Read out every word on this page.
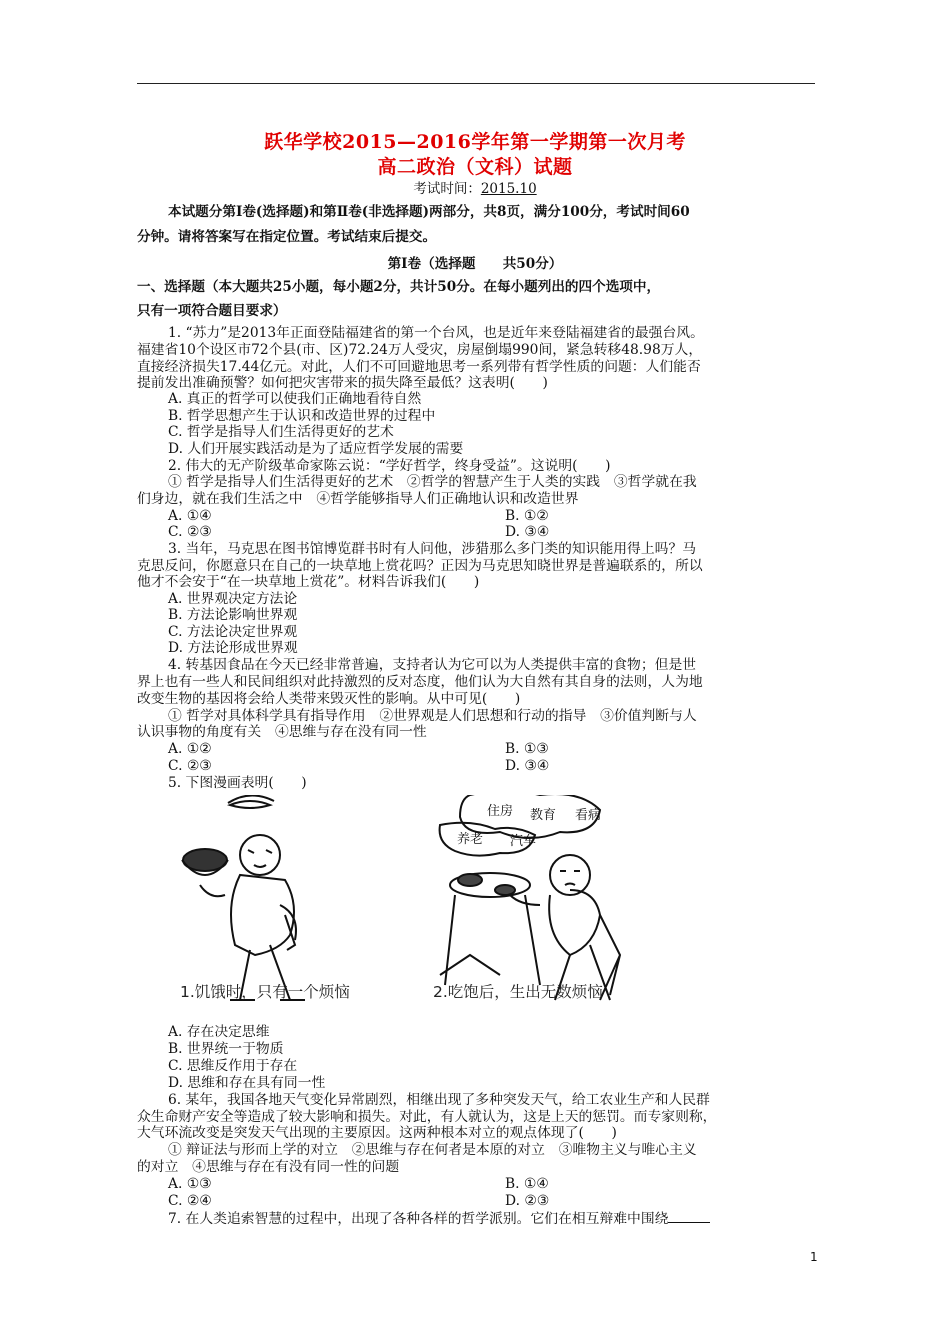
跃华学校2015—2016学年第一学期第一次月考
高二政治（文科）试题
考试时间：2015.10
本试题分第Ⅰ卷(选择题)和第Ⅱ卷(非选择题)两部分，共8页，满分100分，考试时间60
分钟。请将答案写在指定位置。考试结束后提交。
第Ⅰ卷（选择题　　共50分）
一、选择题（本大题共25小题，每小题2分，共计50分。在每小题列出的四个选项中，
只有一项符合题目要求）
1. “苏力”是2013年正面登陆福建省的第一个台风，也是近年来登陆福建省的最强台风。
福建省10个设区市72个县(市、区)72.24万人受灾，房屋倒塌990间，紧急转移48.98万人，
直接经济损失17.44亿元。对此，人们不可回避地思考一系列带有哲学性质的问题：人们能否
提前发出准确预警？如何把灾害带来的损失降至最低？这表明(　　)
A. 真正的哲学可以使我们正确地看待自然
B. 哲学思想产生于认识和改造世界的过程中
C. 哲学是指导人们生活得更好的艺术
D. 人们开展实践活动是为了适应哲学发展的需要
2. 伟大的无产阶级革命家陈云说：“学好哲学，终身受益”。这说明(　　)
① 哲学是指导人们生活得更好的艺术　②哲学的智慧产生于人类的实践　③哲学就在我
们身边，就在我们生活之中　④哲学能够指导人们正确地认识和改造世界
A. ①④	B. ①②
C. ②③	D. ③④
3. 当年，马克思在图书馆博览群书时有人问他，涉猎那么多门类的知识能用得上吗？马
克思反问，你愿意只在自己的一块草地上赏花吗？正因为马克思知晓世界是普遍联系的，所以
他才不会安于“在一块草地上赏花”。材料告诉我们(　　)
A. 世界观决定方法论
B. 方法论影响世界观
C. 方法论决定世界观
D. 方法论形成世界观
4. 转基因食品在今天已经非常普遍，支持者认为它可以为人类提供丰富的食物；但是世
界上也有一些人和民间组织对此持激烈的反对态度，他们认为大自然有其自身的法则，人为地
改变生物的基因将会给人类带来毁灭性的影响。从中可见(　　)
① 哲学对具体科学具有指导作用　②世界观是人们思想和行动的指导　③价值判断与人
认识事物的角度有关　④思维与存在没有同一性
A. ①②	B. ①③
C. ②③	D. ③④
5. 下图漫画表明(　　)
住房 教育 看病
养老 汽车
1.饥饿时，只有一个烦恼	2.吃饱后，生出无数烦恼
A. 存在决定思维
B. 世界统一于物质
C. 思维反作用于存在
D. 思维和存在具有同一性
6. 某年，我国各地天气变化异常剧烈，相继出现了多种突发天气，给工农业生产和人民群
众生命财产安全等造成了较大影响和损失。对此，有人就认为，这是上天的惩罚。而专家则称，
大气环流改变是突发天气出现的主要原因。这两种根本对立的观点体现了(　　)
① 辩证法与形而上学的对立　②思维与存在何者是本原的对立　③唯物主义与唯心主义
的对立　④思维与存在有没有同一性的问题
A. ①③	B. ①④
C. ②④	D. ②③
7. 在人类追索智慧的过程中，出现了各种各样的哲学派别。它们在相互辩难中围绕
1
